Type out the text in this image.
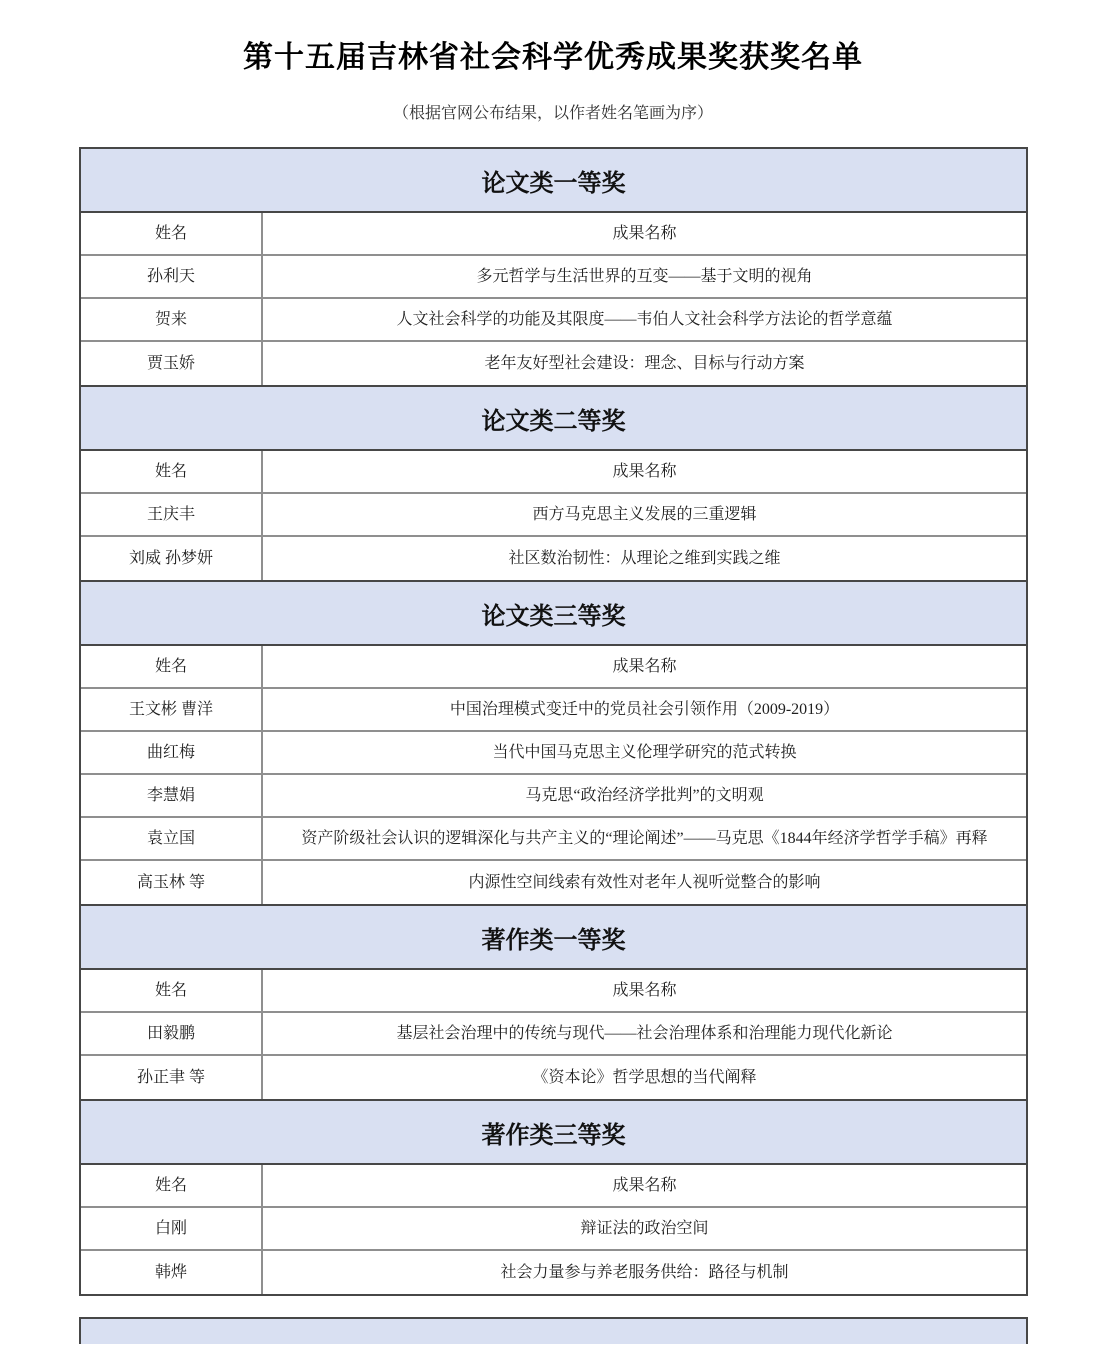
第十五届吉林省社会科学优秀成果奖获奖名单
（根据官网公布结果，以作者姓名笔画为序）
论文类一等奖
姓名	成果名称
孙利天	多元哲学与生活世界的互变——基于文明的视角
贺来	人文社会科学的功能及其限度——韦伯人文社会科学方法论的哲学意蕴
贾玉娇	老年友好型社会建设：理念、目标与行动方案
论文类二等奖
姓名	成果名称
王庆丰	西方马克思主义发展的三重逻辑
刘威 孙梦妍	社区数治韧性：从理论之维到实践之维
论文类三等奖
姓名	成果名称
王文彬 曹洋	中国治理模式变迁中的党员社会引领作用（2009-2019）
曲红梅	当代中国马克思主义伦理学研究的范式转换
李慧娟	马克思“政治经济学批判”的文明观
袁立国	资产阶级社会认识的逻辑深化与共产主义的“理论阐述”——马克思《1844年经济学哲学手稿》再释
高玉林 等	内源性空间线索有效性对老年人视听觉整合的影响
著作类一等奖
姓名	成果名称
田毅鹏	基层社会治理中的传统与现代——社会治理体系和治理能力现代化新论
孙正聿 等	《资本论》哲学思想的当代阐释
著作类三等奖
姓名	成果名称
白刚	辩证法的政治空间
韩烨	社会力量参与养老服务供给：路径与机制
